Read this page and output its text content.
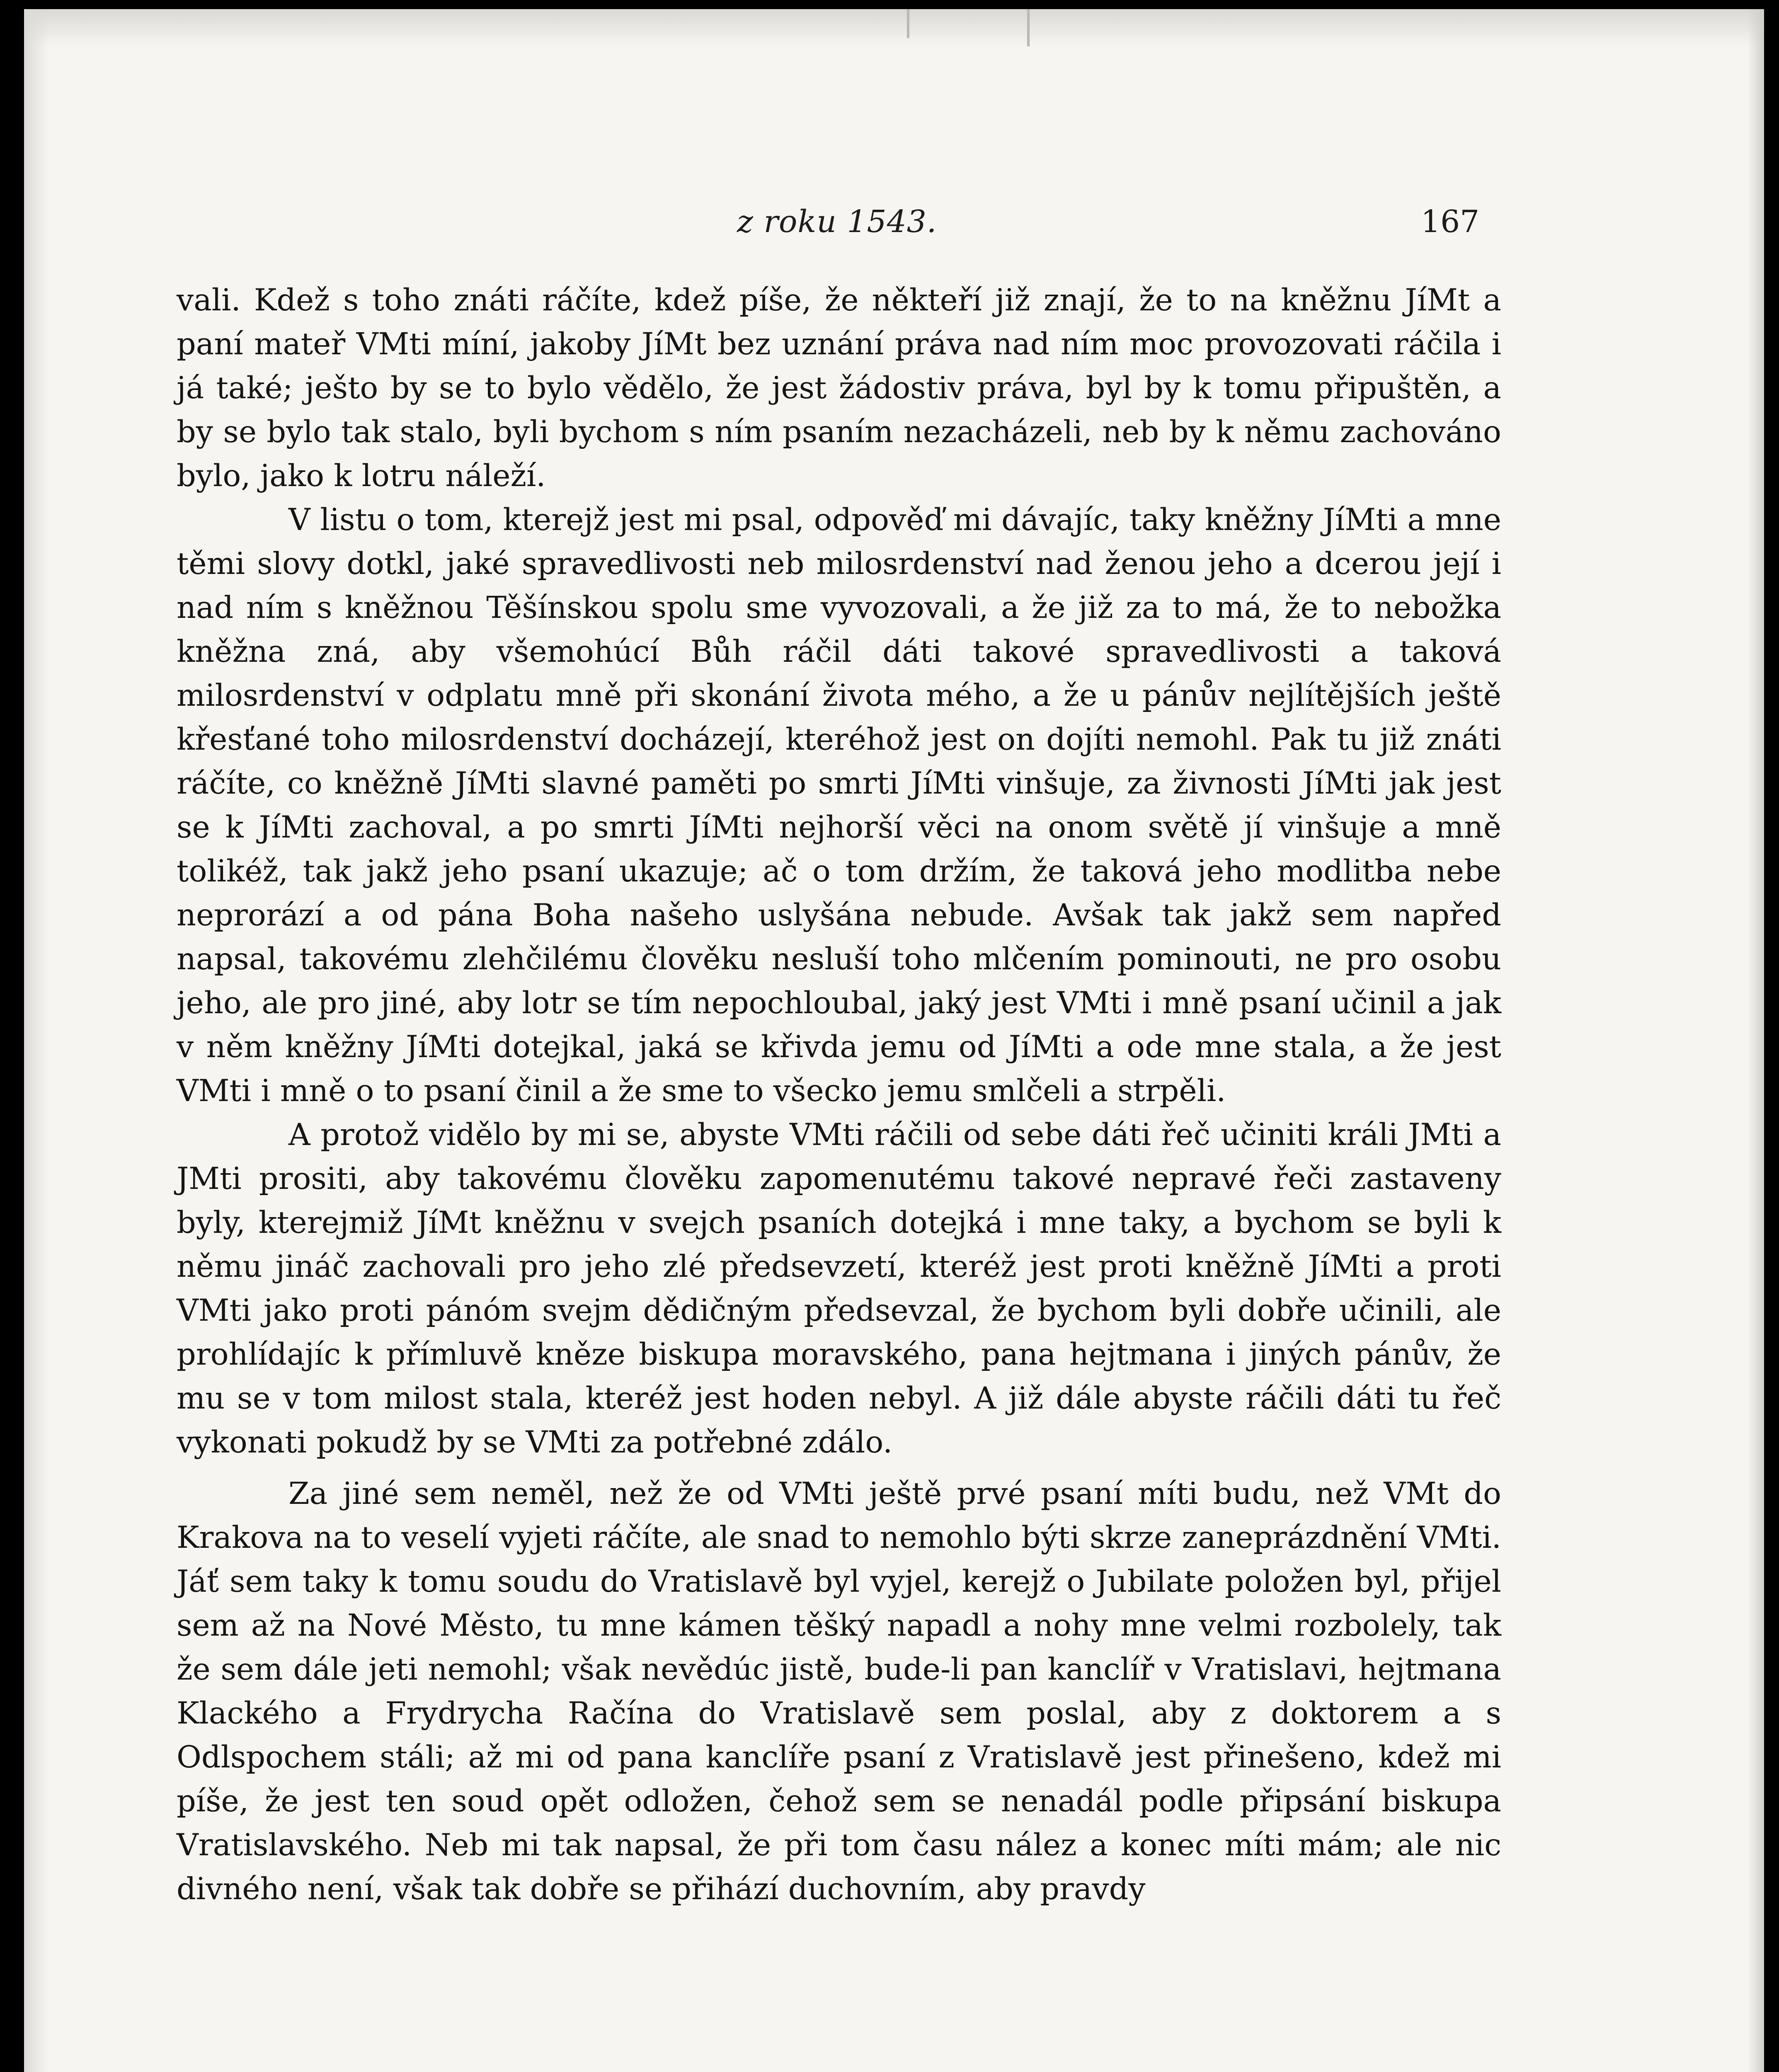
z roku 1543.	167

vali. Kdež s toho znáti ráčíte, kdež píše, že někteří již znají, že to na kněžnu JíMt a paní mateř VMti míní, jakoby JíMt bez uznání práva nad ním moc provozovati ráčila i já také; ješto by se to bylo vědělo, že jest žádostiv práva, byl by k tomu připuštěn, a by se bylo tak stalo, byli bychom s ním psaním nezacházeli, neb by k němu zachováno bylo, jako k lotru náleží.

V listu o tom, kterejž jest mi psal, odpověď mi dávajíc, taky kněžny JíMti a mne těmi slovy dotkl, jaké spravedlivosti neb milosrdenství nad ženou jeho a dcerou její i nad ním s kněžnou Těšínskou spolu sme vyvozovali, a že již za to má, že to nebožka kněžna zná, aby všemohúcí Bůh ráčil dáti takové spravedlivosti a taková milosrdenství v odplatu mně při skonání života mého, a že u pánův nejlítějších ještě křesťané toho milosrdenství docházejí, kteréhož jest on dojíti nemohl. Pak tu již znáti ráčíte, co kněžně JíMti slavné paměti po smrti JíMti vinšuje, za živnosti JíMti jak jest se k JíMti zachoval, a po smrti JíMti nejhorší věci na onom světě jí vinšuje a mně tolikéž, tak jakž jeho psaní ukazuje; ač o tom držím, že taková jeho modlitba nebe neprorází a od pána Boha našeho uslyšána nebude. Avšak tak jakž sem napřed napsal, takovému zlehčilému člověku nesluší toho mlčením pominouti, ne pro osobu jeho, ale pro jiné, aby lotr se tím nepochloubal, jaký jest VMti i mně psaní učinil a jak v něm kněžny JíMti dotejkal, jaká se křivda jemu od JíMti a ode mne stala, a že jest VMti i mně o to psaní činil a že sme to všecko jemu smlčeli a strpěli.

A protož vidělo by mi se, abyste VMti ráčili od sebe dáti řeč učiniti králi JMti a JMti prositi, aby takovému člověku zapomenutému takové nepravé řeči zastaveny byly, kterejmiž JíMt kněžnu v svejch psaních dotejká i mne taky, a bychom se byli k němu jináč zachovali pro jeho zlé předsevzetí, kteréž jest proti kněžně JíMti a proti VMti jako proti pánóm svejm dědičným předsevzal, že bychom byli dobře učinili, ale prohlídajíc k přímluvě kněze biskupa moravského, pana hejtmana i jiných pánův, že mu se v tom milost stala, kteréž jest hoden nebyl. A již dále abyste ráčili dáti tu řeč vykonati pokudž by se VMti za potřebné zdálo.

Za jiné sem neměl, než že od VMti ještě prvé psaní míti budu, než VMt do Krakova na to veselí vyjeti ráčíte, ale snad to nemohlo býti skrze zaneprázdnění VMti. Jáť sem taky k tomu soudu do Vratislavě byl vyjel, kerejž o Jubilate položen byl, přijel sem až na Nové Město, tu mne kámen těšký napadl a nohy mne velmi rozbolely, tak že sem dále jeti nemohl; však nevědúc jistě, bude-li pan kanclíř v Vratislavi, hejtmana Klackého a Frydrycha Račína do Vratislavě sem poslal, aby z doktorem a s Odlspochem stáli; až mi od pana kanclíře psaní z Vratislavě jest přinešeno, kdež mi píše, že jest ten soud opět odložen, čehož sem se nenadál podle připsání biskupa Vratislavského. Neb mi tak napsal, že při tom času nález a konec míti mám; ale nic divného není, však tak dobře se přihází duchovním, aby pravdy
